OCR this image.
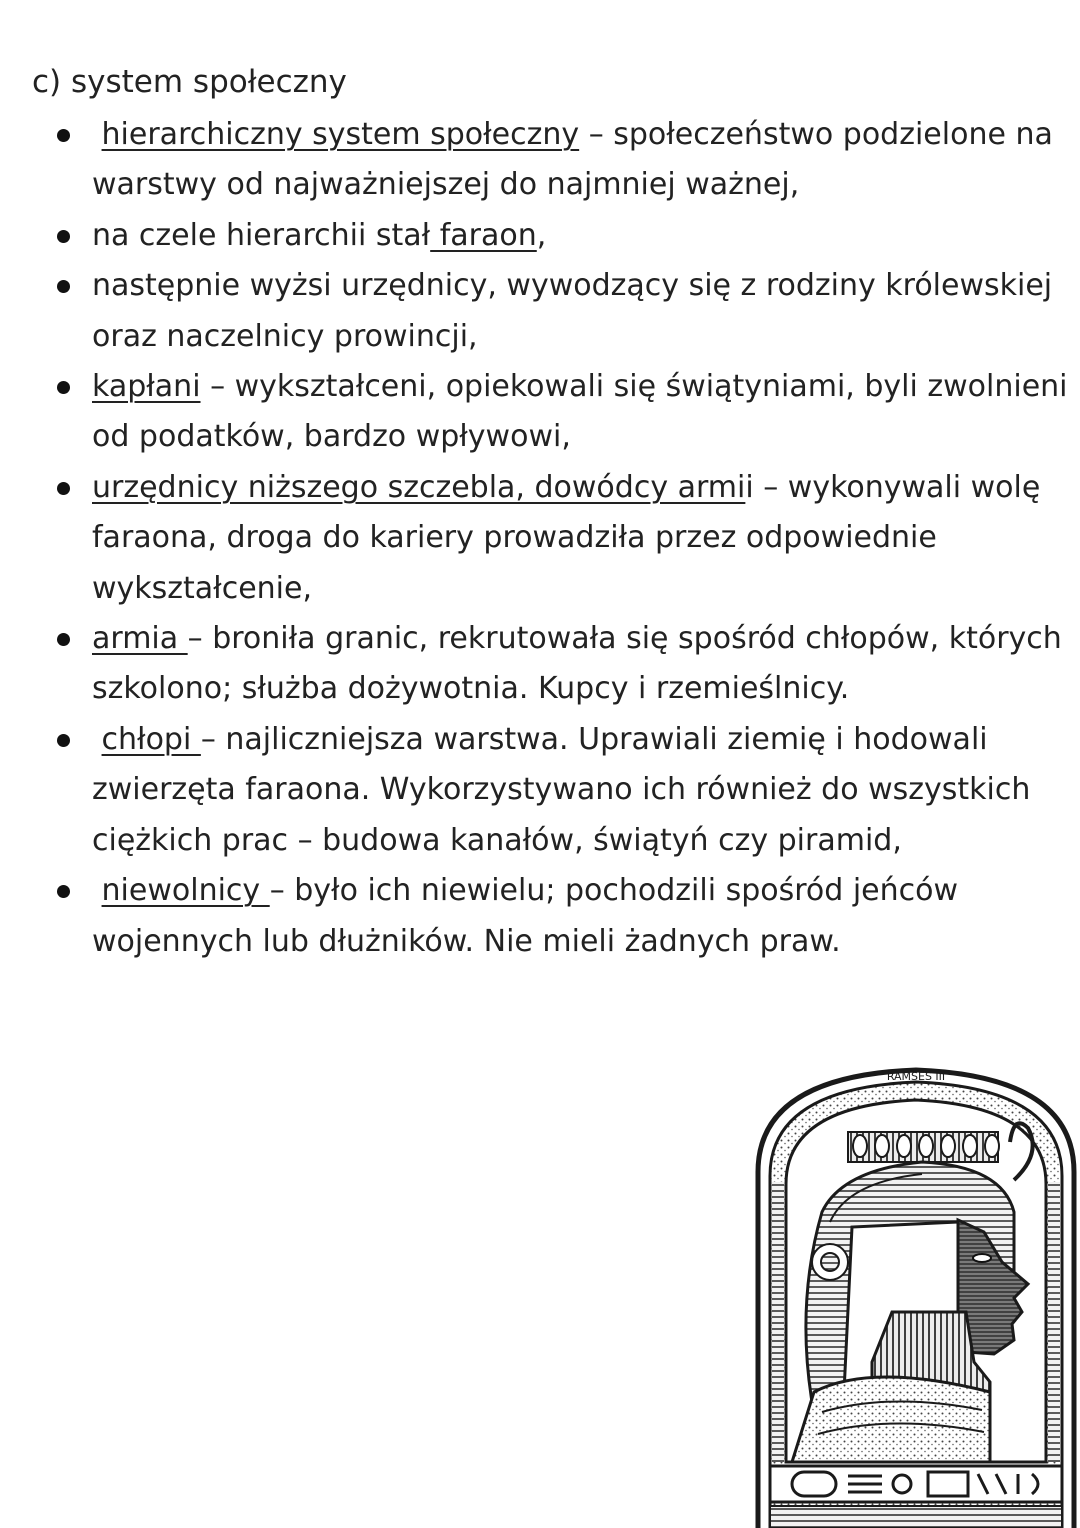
c) system społeczny
hierarchiczny system społeczny – społeczeństwo podzielone na warstwy od najważniejszej do najmniej ważnej,
na czele hierarchii stał faraon,
następnie wyżsi urzędnicy, wywodzący się z rodziny królewskiej oraz naczelnicy prowincji,
kapłani – wykształceni, opiekowali się świątyniami, byli zwolnieni od podatków, bardzo wpływowi,
urzędnicy niższego szczebla, dowódcy armii – wykonywali wolę faraona, droga do kariery prowadziła przez odpowiednie wykształcenie,
armia – broniła granic, rekrutowała się spośród chłopów, których szkolono; służba dożywotnia. Kupcy i rzemieślnicy.
chłopi – najliczniejsza warstwa. Uprawiali ziemię i hodowali zwierzęta faraona. Wykorzystywano ich również do wszystkich ciężkich prac – budowa kanałów, świątyń czy piramid,
niewolnicy – było ich niewielu; pochodzili spośród jeńców wojennych lub dłużników. Nie mieli żadnych praw.
RAMSES III
